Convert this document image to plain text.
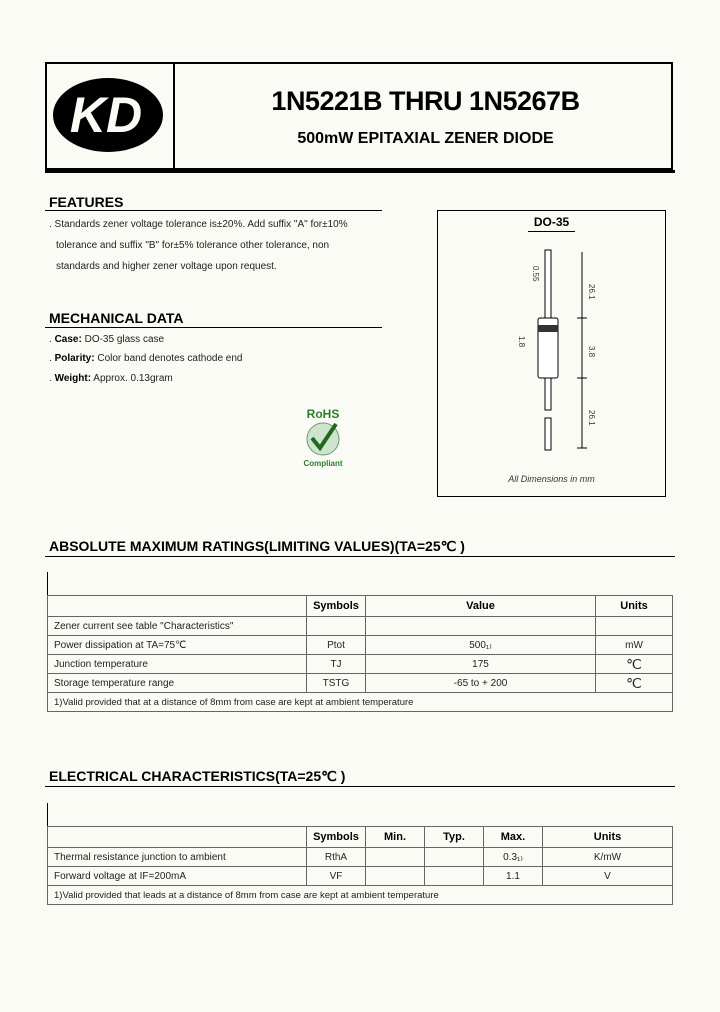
KD	1N5221B THRU 1N5267B
500mW EPITAXIAL ZENER DIODE
FEATURES
. Standards zener voltage tolerance is±20%. Add suffix "A" for±10%
tolerance and suffix "B" for±5% tolerance other tolerance, non
standards and higher zener voltage upon request.
MECHANICAL DATA
. Case: DO-35 glass case
. Polarity: Color band denotes cathode end
. Weight: Approx. 0.13gram
RoHS
Compliant
DO-35
26.1
3.8
26.1
0.55
1.8
All Dimensions in mm
ABSOLUTE MAXIMUM RATINGS(LIMITING VALUES)(TA=25℃ )
	Symbols	Value	Units
Zener current see table "Characteristics"			
Power dissipation at TA=75℃	Ptot	500₁₎	mW
Junction temperature	TJ	175	℃
Storage temperature range	TSTG	-65 to + 200	℃
1)Valid provided that at a distance of 8mm from case are kept at ambient temperature			
ELECTRICAL CHARACTERISTICS(TA=25℃ )
	Symbols	Min.	Typ.	Max.	Units
Thermal resistance junction to ambient	RthA			0.3₁₎	K/mW
Forward voltage at IF=200mA	VF			1.1	V
1)Valid provided that leads at a distance of 8mm from case are kept at ambient temperature					
